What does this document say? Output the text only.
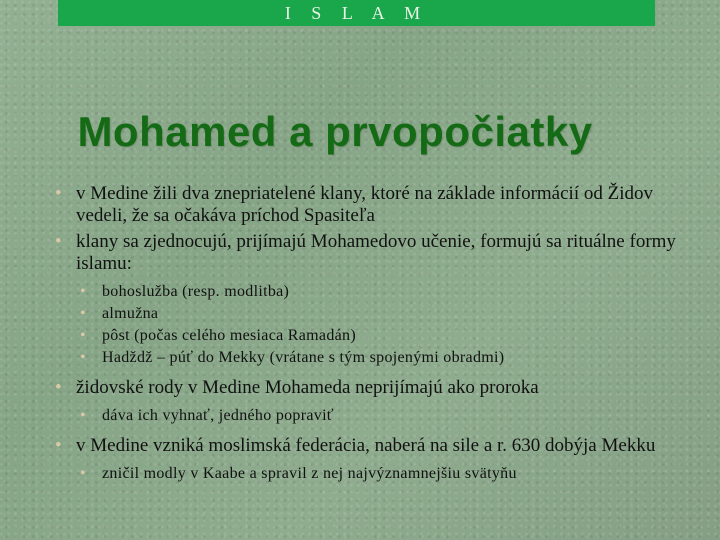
I S L A M
Mohamed a prvopočiatky
• v Medine žili dva znepriatelené klany, ktoré na základe informácií od Židov vedeli, že sa očakáva príchod Spasiteľa
• klany sa zjednocujú, prijímajú Mohamedovo učenie, formujú sa rituálne formy islamu:
• bohoslužba (resp. modlitba)
• almužna
• pôst (počas celého mesiaca Ramadán)
• Hadždž – púť do Mekky (vrátane s tým spojenými obradmi)
• židovské rody v Medine Mohameda neprijímajú ako proroka
• dáva ich vyhnať, jedného popraviť
• v Medine vzniká moslimská federácia, naberá na sile a r. 630 dobýja Mekku
• zničil modly v Kaabe a spravil z nej najvýznamnejšiu svätyňu
